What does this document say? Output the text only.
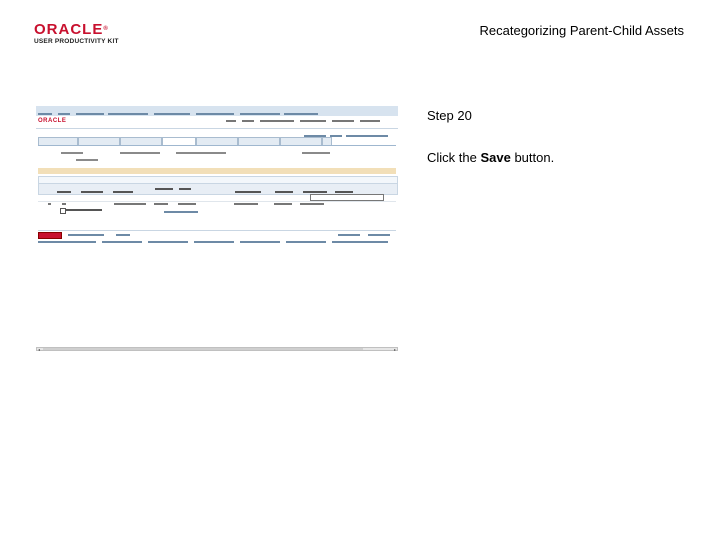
ORACLE®
USER PRODUCTIVITY KIT
Recategorizing Parent-Child Assets
Step 20
Click the Save button.
ORACLE
◂	▸
